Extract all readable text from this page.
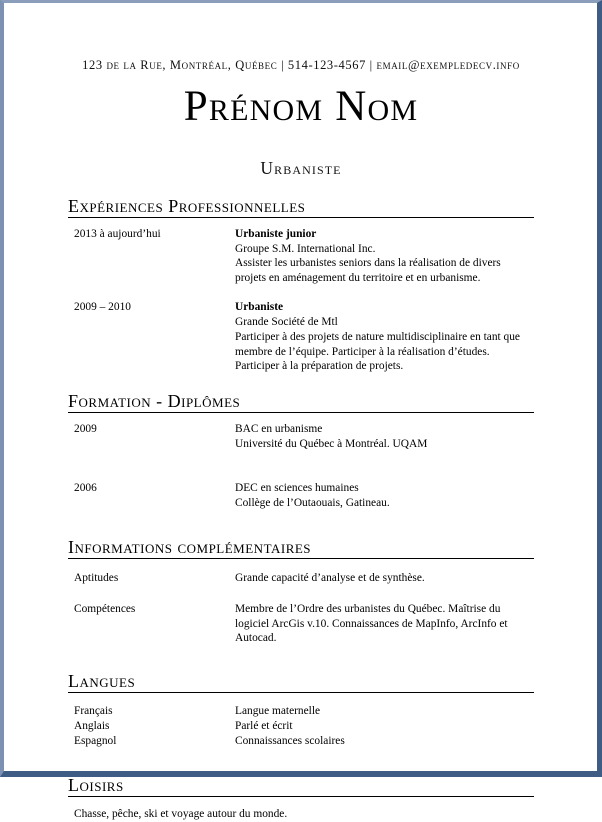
123 de la Rue, Montréal, Québec | 514-123-4567 | email@exempledecv.info
Prénom Nom
Urbaniste
Expériences Professionnelles
2013 à aujourd’hui	Urbaniste junior
Groupe S.M. International Inc.
Assister les urbanistes seniors dans la réalisation de divers projets en aménagement du territoire et en urbanisme.
2009 – 2010	Urbaniste
Grande Société de Mtl
Participer à des projets de nature multidisciplinaire en tant que membre de l’équipe. Participer à la réalisation d’études. Participer à la préparation de projets.
Formation - Diplômes
2009	BAC en urbanisme
Université du Québec à Montréal. UQAM
2006	DEC en sciences humaines
Collège de l’Outaouais, Gatineau.
Informations complémentaires
Aptitudes	Grande capacité d’analyse et de synthèse.
Compétences	Membre de l’Ordre des urbanistes du Québec. Maîtrise du logiciel ArcGis v.10. Connaissances de MapInfo, ArcInfo et Autocad.
Langues
Français	Langue maternelle
Anglais	Parlé et écrit
Espagnol	Connaissances scolaires
Loisirs
Chasse, pêche, ski et voyage autour du monde.
